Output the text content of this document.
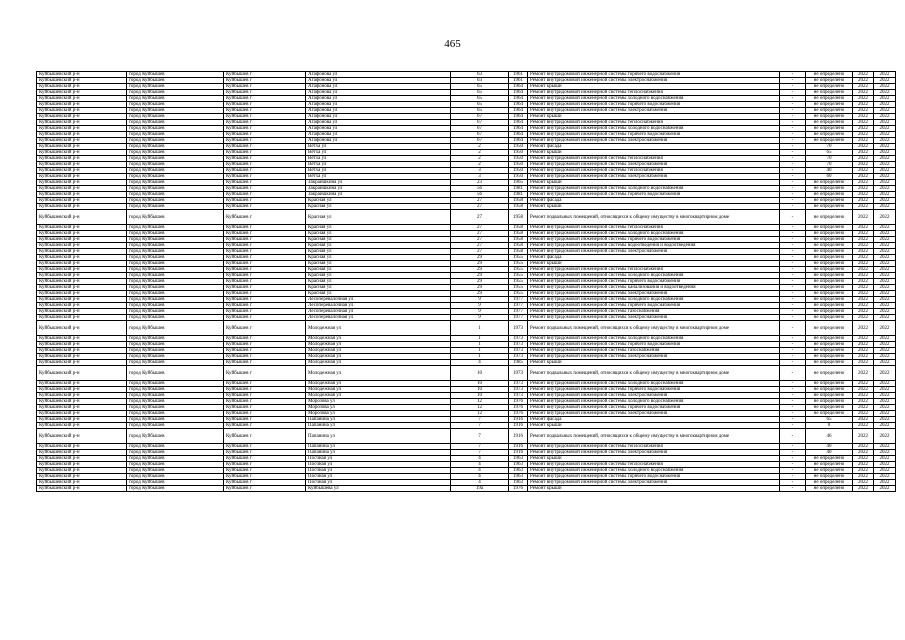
465
Куйбышевский р-н	город Куйбышев	Куйбышев г	Агафонова ул	63	1961	Ремонт внутридомовой инженерной системы горячего водоснабжения	-	не определено	2022	2022
Куйбышевский р-н	город Куйбышев	Куйбышев г	Агафонова ул	63	1961	Ремонт внутридомовой инженерной системы электроснабжения	-	не определено	2022	2022
Куйбышевский р-н	город Куйбышев	Куйбышев г	Агафонова ул	65	1964	Ремонт крыши	-	не определено	2022	2022
Куйбышевский р-н	город Куйбышев	Куйбышев г	Агафонова ул	65	1964	Ремонт внутридомовой инженерной системы теплоснабжения	-	не определено	2022	2022
Куйбышевский р-н	город Куйбышев	Куйбышев г	Агафонова ул	65	1964	Ремонт внутридомовой инженерной системы холодного водоснабжения	-	не определено	2022	2022
Куйбышевский р-н	город Куйбышев	Куйбышев г	Агафонова ул	65	1964	Ремонт внутридомовой инженерной системы горячего водоснабжения	-	не определено	2022	2022
Куйбышевский р-н	город Куйбышев	Куйбышев г	Агафонова ул	65	1964	Ремонт внутридомовой инженерной системы электроснабжения	-	не определено	2022	2022
Куйбышевский р-н	город Куйбышев	Куйбышев г	Агафонова ул	67	1964	Ремонт крыши	-	не определено	2022	2022
Куйбышевский р-н	город Куйбышев	Куйбышев г	Агафонова ул	67	1964	Ремонт внутридомовой инженерной системы теплоснабжения	-	не определено	2022	2022
Куйбышевский р-н	город Куйбышев	Куйбышев г	Агафонова ул	67	1964	Ремонт внутридомовой инженерной системы холодного водоснабжения	-	не определено	2022	2022
Куйбышевский р-н	город Куйбышев	Куйбышев г	Агафонова ул	67	1964	Ремонт внутридомовой инженерной системы горячего водоснабжения	-	не определено	2022	2022
Куйбышевский р-н	город Куйбышев	Куйбышев г	Агафонова ул	67	1964	Ремонт внутридомовой инженерной системы электроснабжения	-	не определено	2022	2022
Куйбышевский р-н	город Куйбышев	Куйбышев г	Ветха ул	2	1950	Ремонт фасада	-	70	2022	2022
Куйбышевский р-н	город Куйбышев	Куйбышев г	Ветха ул	2	1950	Ремонт крыши	-	65	2022	2022
Куйбышевский р-н	город Куйбышев	Куйбышев г	Ветха ул	2	1950	Ремонт внутридомовой инженерной системы теплоснабжения	-	70	2022	2022
Куйбышевский р-н	город Куйбышев	Куйбышев г	Ветха ул	2	1950	Ремонт внутридомовой инженерной системы электроснабжения	-	70	2022	2022
Куйбышевский р-н	город Куйбышев	Куйбышев г	Ветха ул	3	1950	Ремонт внутридомовой инженерной системы теплоснабжения	-	40	2022	2022
Куйбышевский р-н	город Куйбышев	Куйбышев г	Ветха ул	3	1950	Ремонт внутридомовой инженерной системы электроснабжения	-	60	2022	2022
Куйбышевский р-н	город Куйбышев	Куйбышев г	Закраишкина ул	23	1965	Ремонт крыши	-	не определено	2022	2022
Куйбышевский р-н	город Куйбышев	Куйбышев г	Закраишкина ул	56	1981	Ремонт внутридомовой инженерной системы холодного водоснабжения	-	не определено	2022	2022
Куйбышевский р-н	город Куйбышев	Куйбышев г	Закраишкина ул	56	1981	Ремонт внутридомовой инженерной системы горячего водоснабжения	-	не определено	2022	2022
Куйбышевский р-н	город Куйбышев	Куйбышев г	Красная ул	27	1958	Ремонт фасада	-	не определено	2022	2022
Куйбышевский р-н	город Куйбышев	Куйбышев г	Красная ул	27	1958	Ремонт крыши	-	не определено	2022	2022
Куйбышевский р-н	город Куйбышев	Куйбышев г	Красная ул	27	1958	Ремонт подвальных помещений, относящихся к общему имуществу в многоквартирном доме	-	не определено	2022	2022
Куйбышевский р-н	город Куйбышев	Куйбышев г	Красная ул	27	1958	Ремонт внутридомовой инженерной системы теплоснабжения	-	не определено	2022	2022
Куйбышевский р-н	город Куйбышев	Куйбышев г	Красная ул	27	1958	Ремонт внутридомовой инженерной системы холодного водоснабжения	-	не определено	2022	2022
Куйбышевский р-н	город Куйбышев	Куйбышев г	Красная ул	27	1958	Ремонт внутридомовой инженерной системы горячего водоснабжения	-	не определено	2022	2022
Куйбышевский р-н	город Куйбышев	Куйбышев г	Красная ул	27	1958	Ремонт внутридомовой инженерной системы водоотведения и водоотведения	-	не определено	2022	2022
Куйбышевский р-н	город Куйбышев	Куйбышев г	Красная ул	27	1958	Ремонт внутридомовой инженерной системы электроснабжения	-	не определено	2022	2022
Куйбышевский р-н	город Куйбышев	Куйбышев г	Красная ул	29	1955	Ремонт фасада	-	не определено	2022	2022
Куйбышевский р-н	город Куйбышев	Куйбышев г	Красная ул	29	1955	Ремонт крыши	-	не определено	2022	2022
Куйбышевский р-н	город Куйбышев	Куйбышев г	Красная ул	29	1955	Ремонт внутридомовой инженерной системы теплоснабжения	-	не определено	2022	2022
Куйбышевский р-н	город Куйбышев	Куйбышев г	Красная ул	29	1955	Ремонт внутридомовой инженерной системы холодного водоснабжения	-	не определено	2022	2022
Куйбышевский р-н	город Куйбышев	Куйбышев г	Красная ул	29	1955	Ремонт внутридомовой инженерной системы горячего водоснабжения	-	не определено	2022	2022
Куйбышевский р-н	город Куйбышев	Куйбышев г	Красная ул	29	1955	Ремонт внутридомовой инженерной системы канализования и водоотведения	-	не определено	2022	2022
Куйбышевский р-н	город Куйбышев	Куйбышев г	Красная ул	29	1955	Ремонт внутридомовой инженерной системы электроснабжения	-	не определено	2022	2022
Куйбышевский р-н	город Куйбышев	Куйбышев г	Лесоперевалочная ул	9	1977	Ремонт внутридомовой инженерной системы холодного водоснабжения	-	не определено	2022	2022
Куйбышевский р-н	город Куйбышев	Куйбышев г	Лесоперевалочная ул	9	1977	Ремонт внутридомовой инженерной системы горячего водоснабжения	-	не определено	2022	2022
Куйбышевский р-н	город Куйбышев	Куйбышев г	Лесоперевалочная ул	9	1977	Ремонт внутридомовой инженерной системы газоснабжения	-	не определено	2022	2022
Куйбышевский р-н	город Куйбышев	Куйбышев г	Лесоперевалочная ул	9	1977	Ремонт внутридомовой инженерной системы электроснабжения	-	не определено	2022	2022
Куйбышевский р-н	город Куйбышев	Куйбышев г	Молодежная ул	1	1973	Ремонт подвальных помещений, относящихся к общему имуществу в многоквартирном доме	-	не определено	2022	2022
Куйбышевский р-н	город Куйбышев	Куйбышев г	Молодежная ул	1	1973	Ремонт внутридомовой инженерной системы холодного водоснабжения	-	не определено	2022	2022
Куйбышевский р-н	город Куйбышев	Куйбышев г	Молодежная ул	1	1973	Ремонт внутридомовой инженерной системы горячего водоснабжения	-	не определено	2022	2022
Куйбышевский р-н	город Куйбышев	Куйбышев г	Молодежная ул	1	1973	Ремонт внутридомовой инженерной системы газоснабжения	-	не определено	2022	2022
Куйбышевский р-н	город Куйбышев	Куйбышев г	Молодежная ул	1	1973	Ремонт внутридомовой инженерной системы электроснабжения	-	не определено	2022	2022
Куйбышевский р-н	город Куйбышев	Куйбышев г	Молодежная ул	4	1985	Ремонт крыши	-	не определено	2022	2022
Куйбышевский р-н	город Куйбышев	Куйбышев г	Молодежная ул	10	1973	Ремонт подвальных помещений, относящихся к общему имуществу в многоквартирном доме	-	не определено	2022	2022
Куйбышевский р-н	город Куйбышев	Куйбышев г	Молодежная ул	10	1973	Ремонт внутридомовой инженерной системы холодного водоснабжения	-	не определено	2022	2022
Куйбышевский р-н	город Куйбышев	Куйбышев г	Молодежная ул	10	1973	Ремонт внутридомовой инженерной системы горячего водоснабжения	-	не определено	2022	2022
Куйбышевский р-н	город Куйбышев	Куйбышев г	Молодежная ул	10	1973	Ремонт внутридомовой инженерной системы электроснабжения	-	не определено	2022	2022
Куйбышевский р-н	город Куйбышев	Куйбышев г	Морозова ул	12	1976	Ремонт внутридомовой инженерной системы холодного водоснабжения	-	не определено	2022	2022
Куйбышевский р-н	город Куйбышев	Куйбышев г	Морозова ул	12	1976	Ремонт внутридомовой инженерной системы горячего водоснабжения	-	не определено	2022	2022
Куйбышевский р-н	город Куйбышев	Куйбышев г	Морозова ул	12	1976	Ремонт внутридомовой инженерной системы электроснабжения	-	не определено	2022	2022
Куйбышевский р-н	город Куйбышев	Куйбышев г	Папанина ул	7	1916	Ремонт фасада	-	65	2022	2022
Куйбышевский р-н	город Куйбышев	Куйбышев г	Папанина ул	7	1916	Ремонт крыши	-	0	2022	2022
Куйбышевский р-н	город Куйбышев	Куйбышев г	Папанина ул	7	1916	Ремонт подвальных помещений, относящихся к общему имуществу в многоквартирном доме	-	46	2022	2022
Куйбышевский р-н	город Куйбышев	Куйбышев г	Папанина ул	7	1916	Ремонт внутридомовой инженерной системы теплоснабжения	-	40	2022	2022
Куйбышевский р-н	город Куйбышев	Куйбышев г	Папанина ул	7	1916	Ремонт внутридомовой инженерной системы электроснабжения	-	40	2022	2022
Куйбышевский р-н	город Куйбышев	Куйбышев г	Посчная ул	4	1963	Ремонт крыши	-	не определено	2022	2022
Куйбышевский р-н	город Куйбышев	Куйбышев г	Посчная ул	4	1963	Ремонт внутридомовой инженерной системы теплоснабжения	-	не определено	2022	2022
Куйбышевский р-н	город Куйбышев	Куйбышев г	Посчная ул	4	1963	Ремонт внутридомовой инженерной системы холодного водоснабжения	-	не определено	2022	2022
Куйбышевский р-н	город Куйбышев	Куйбышев г	Посчная ул	4	1963	Ремонт внутридомовой инженерной системы горячего водоснабжения	-	не определено	2022	2022
Куйбышевский р-н	город Куйбышев	Куйбышев г	Посчная ул	4	1963	Ремонт внутридомовой инженерной системы электроснабжения	-	не определено	2022	2022
Куйбышевский р-н	город Куйбышев	Куйбышев г	Куйбышева ул	19а	1976	Ремонт крыши	-	не определено	2022	2022
